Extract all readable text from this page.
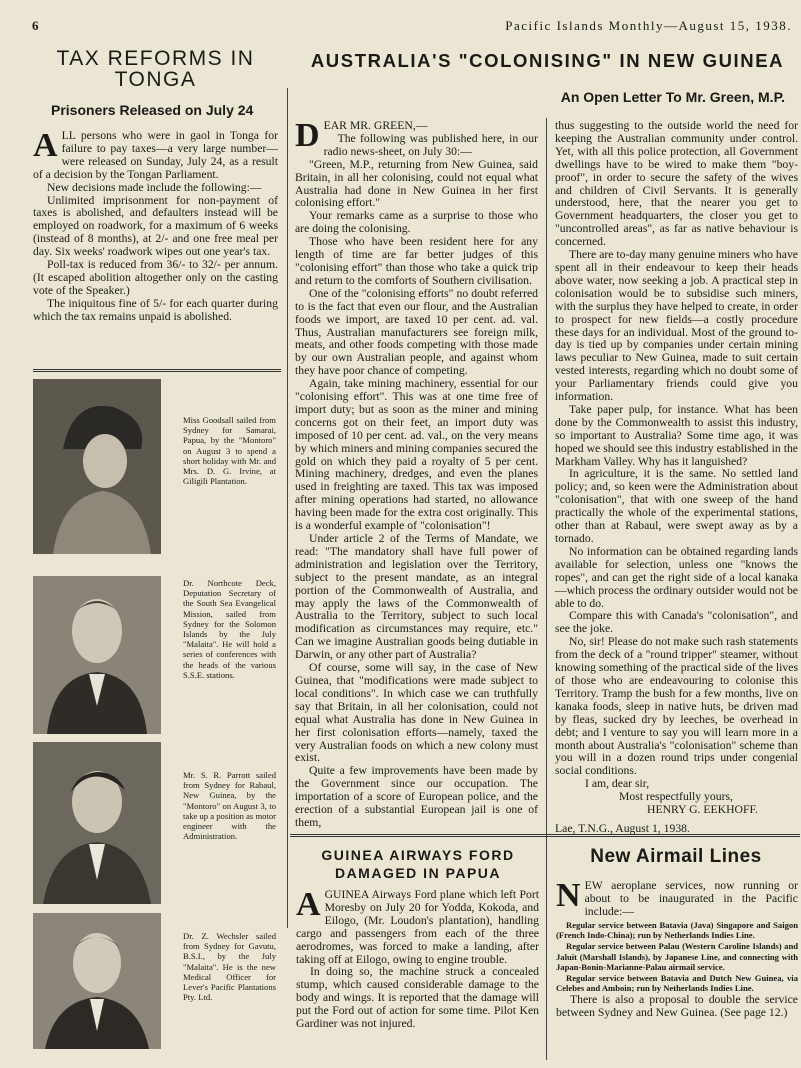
6	Pacific Islands Monthly—August 15, 1938.
TAX REFORMS IN TONGA
Prisoners Released on July 24

ALL persons who were in gaol in Tonga for failure to pay taxes—a very large number—were released on Sunday, July 24, as a result of a decision by the Tongan Parliament.

New decisions made include the following:—

Unlimited imprisonment for non-payment of taxes is abolished, and defaulters instead will be employed on roadwork, for a maximum of 6 weeks (instead of 8 months), at 2/- and one free meal per day. Six weeks' roadwork wipes out one year's tax.

Poll-tax is reduced from 36/- to 32/- per annum. (It escaped abolition altogether only on the casting vote of the Speaker.)

The iniquitous fine of 5/- for each quarter during which the tax remains unpaid is abolished.

Miss Goodsall sailed from Sydney for Samarai, Papua, by the "Montoro" on August 3 to spend a short holiday with Mr. and Mrs. D. G. Irvine, at Giligili Plantation.
Dr. Northcote Deck, Deputation Secretary of the South Sea Evangelical Mission, sailed from Sydney for the Solomon Islands by the July "Malaita". He will hold a series of conferences with the heads of the various S.S.E. stations.
Mr. S. R. Parrott sailed from Sydney for Rabaul, New Guinea, by the "Montoro" on August 3, to take up a position as motor engineer with the Administration.
Dr. Z. Wechsler sailed from Sydney for Gavutu, B.S.I., by the July "Malaita". He is the new Medical Officer for Lever's Pacific Plantations Pty. Ltd.
AUSTRALIA'S "COLONISING" IN NEW GUINEA
An Open Letter To Mr. Green, M.P.

DEAR MR. GREEN,—

The following was published here, in our radio news-sheet, on July 30:—

"Green, M.P., returning from New Guinea, said Britain, in all her colonising, could not equal what Australia had done in New Guinea in her first colonising effort."

Your remarks came as a surprise to those who are doing the colonising.

Those who have been resident here for any length of time are far better judges of this "colonising effort" than those who take a quick trip and return to the comforts of Southern civilisation.

One of the "colonising efforts" no doubt referred to is the fact that even our flour, and the Australian foods we import, are taxed 10 per cent. ad. val. Thus, Australian manufacturers see foreign milk, meats, and other foods competing with those made by our own Australian people, and against whom they have poor chance of competing.

Again, take mining machinery, essential for our "colonising effort". This was at one time free of import duty; but as soon as the miner and mining concerns got on their feet, an import duty was imposed of 10 per cent. ad. val., on the very means by which miners and mining companies secured the gold on which they paid a royalty of 5 per cent. Mining machinery, dredges, and even the planes used in freighting are taxed. This tax was imposed after mining operations had started, no allowance having been made for the extra cost originally. This is a wonderful example of "colonisation"!

Under article 2 of the Terms of Mandate, we read: "The mandatory shall have full power of administration and legislation over the Territory, subject to the present mandate, as an integral portion of the Commonwealth of Australia, and may apply the laws of the Commonwealth of Australia to the Territory, subject to such local modification as circumstances may require, etc." Can we imagine Australian goods being dutiable in Darwin, or any other part of Australia?

Of course, some will say, in the case of New Guinea, that "modifications were made subject to local conditions". In which case we can truthfully say that Britain, in all her colonisation, could not equal what Australia has done in New Guinea in her first colonisation efforts—namely, taxed the very Australian foods on which a new colony must exist.

Quite a few improvements have been made by the Government since our occupation. The importation of a score of European police, and the erection of a substantial European jail is one of them,

thus suggesting to the outside world the need for keeping the Australian community under control. Yet, with all this police protection, all Government dwellings have to be wired to make them "boy-proof", in order to secure the safety of the wives and children of Civil Servants. It is generally understood, here, that the nearer you get to Government headquarters, the closer you get to "uncontrolled areas", as far as native behaviour is concerned.

There are to-day many genuine miners who have spent all in their endeavour to keep their heads above water, now seeking a job. A practical step in colonisation would be to subsidise such miners, with the surplus they have helped to create, in order to prospect for new fields—a costly procedure these days for an individual. Most of the ground to-day is tied up by companies under certain mining laws peculiar to New Guinea, made to suit certain vested interests, regarding which no doubt some of your Parliamentary friends could give you information.

Take paper pulp, for instance. What has been done by the Commonwealth to assist this industry, so important to Australia? Some time ago, it was hoped we should see this industry established in the Markham Valley. Why has it languished?

In agriculture, it is the same. No settled land policy; and, so keen were the Administration about "colonisation", that with one sweep of the hand practically the whole of the experimental stations, other than at Rabaul, were swept away as by a tornado.

No information can be obtained regarding lands available for selection, unless one "knows the ropes", and can get the right side of a local kanaka—which process the ordinary outsider would not be able to do.

Compare this with Canada's "colonisation", and see the joke.

No, sir! Please do not make such rash statements from the deck of a "round tripper" steamer, without knowing something of the practical side of the lives of those who are endeavouring to colonise this Territory. Tramp the bush for a few months, live on kanaka foods, sleep in native huts, be driven mad by fleas, sucked dry by leeches, be overhead in debt; and I venture to say you will learn more in a month about Australia's "colonisation" scheme than you will in a dozen round trips under congenial social conditions.

I am, dear sir,

Most respectfully yours,

HENRY G. EEKHOFF.

Lae, T.N.G., August 1, 1938.

GUINEA AIRWAYS FORD DAMAGED IN PAPUA

AGUINEA Airways Ford plane which left Port Moresby on July 20 for Yodda, Kokoda, and Eilogo, (Mr. Loudon's plantation), handling cargo and passengers from each of the three aerodromes, was forced to make a landing, after taking off at Eilogo, owing to engine trouble.

In doing so, the machine struck a concealed stump, which caused considerable damage to the body and wings. It is reported that the damage will put the Ford out of action for some time. Pilot Ken Gardiner was not injured.

New Airmail Lines

NEW aeroplane services, now running or about to be inaugurated in the Pacific include:—

Regular service between Batavia (Java) Singapore and Saigon (French Indo-China); run by Netherlands Indies Line.

Regular service between Palau (Western Caroline Islands) and Jaluit (Marshall Islands), by Japanese Line, and connecting with Japan-Bonin-Marianne-Palau airmail service.

Regular service between Batavia and Dutch New Guinea, via Celebes and Amboin; run by Netherlands Indies Line.

There is also a proposal to double the service between Sydney and New Guinea. (See page 12.)
